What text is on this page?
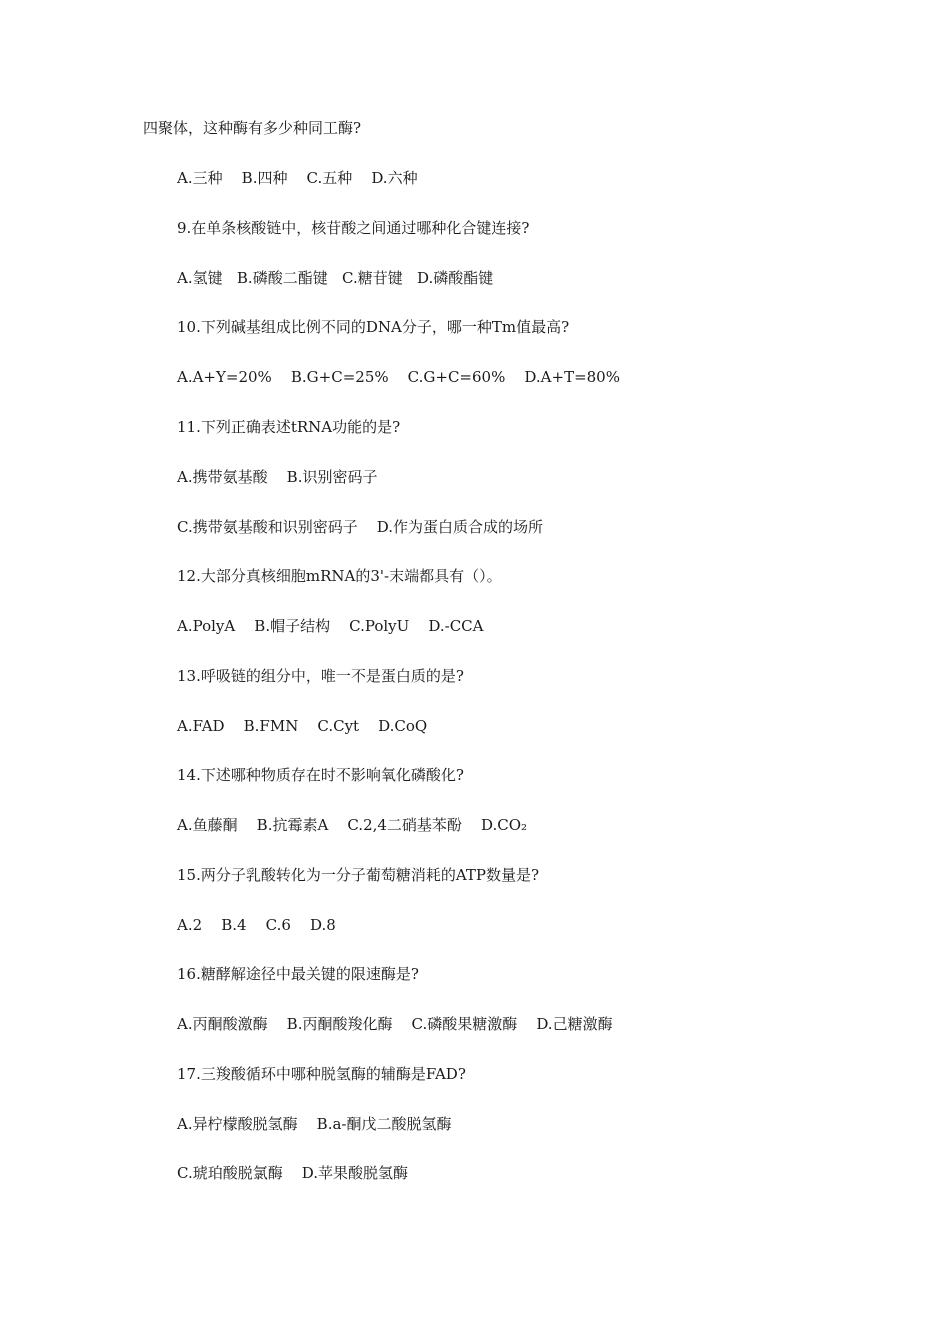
四聚体，这种酶有多少种同工酶?
A.三种    B.四种    C.五种    D.六种
9.在单条核酸链中，核苷酸之间通过哪种化合键连接?
A.氢键   B.磷酸二酯键   C.糖苷键   D.磷酸酯键
10.下列碱基组成比例不同的DNA分子，哪一种Tm值最高?
A.A+Y=20%    B.G+C=25%    C.G+C=60%    D.A+T=80%
11.下列正确表述tRNA功能的是?
A.携带氨基酸    B.识别密码子
C.携带氨基酸和识别密码子    D.作为蛋白质合成的场所
12.大部分真核细胞mRNA的3'-末端都具有（）。
A.PolyA    B.帽子结构    C.PolyU    D.-CCA
13.呼吸链的组分中，唯一不是蛋白质的是?
A.FAD    B.FMN    C.Cyt    D.CoQ
14.下述哪种物质存在时不影响氧化磷酸化?
A.鱼藤酮    B.抗霉素A    C.2,4二硝基苯酚    D.CO₂
15.两分子乳酸转化为一分子葡萄糖消耗的ATP数量是?
A.2    B.4    C.6    D.8
16.糖酵解途径中最关键的限速酶是?
A.丙酮酸激酶    B.丙酮酸羧化酶    C.磷酸果糖激酶    D.己糖激酶
17.三羧酸循环中哪种脱氢酶的辅酶是FAD?
A.异柠檬酸脱氢酶    B.a-酮戊二酸脱氢酶
C.琥珀酸脱氯酶    D.苹果酸脱氢酶
